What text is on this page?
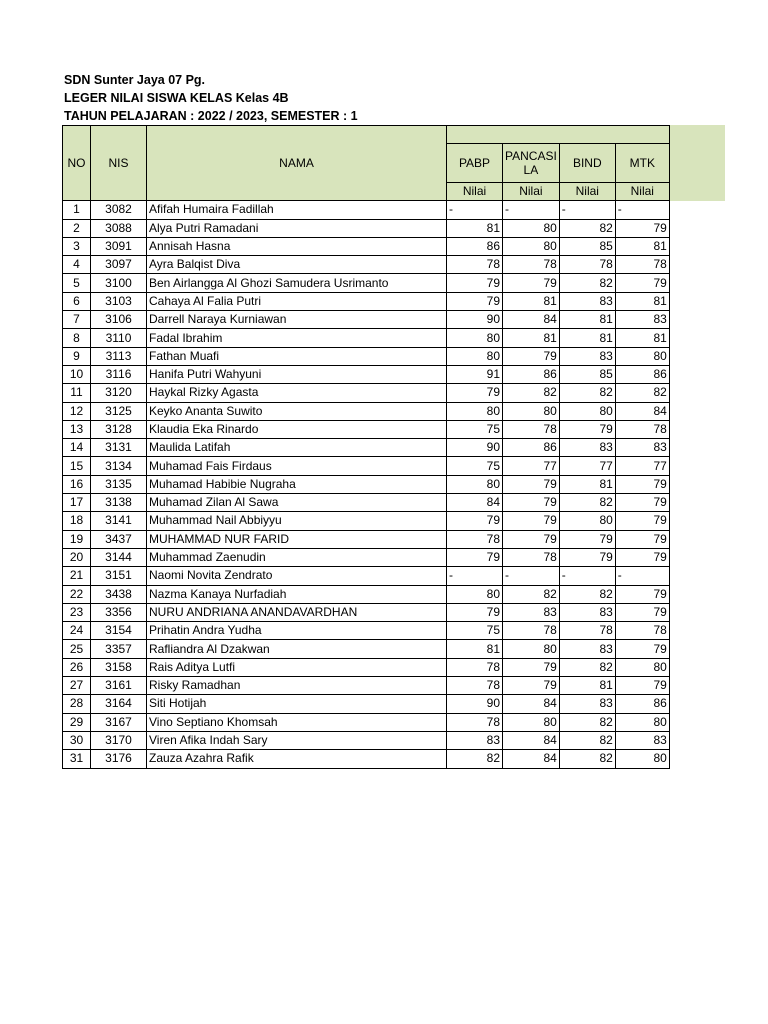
SDN Sunter Jaya 07 Pg.
LEGER NILAI SISWA KELAS Kelas 4B
TAHUN PELAJARAN : 2022 / 2023, SEMESTER : 1
NO	NIS	NAMA				
			PABP	PANCASI LA	BIND	MTK
			Nilai	Nilai	Nilai	Nilai
1	3082	Afifah Humaira Fadillah	-	-	-	-
2	3088	Alya Putri Ramadani	81	80	82	79
3	3091	Annisah Hasna	86	80	85	81
4	3097	Ayra Balqist Diva	78	78	78	78
5	3100	Ben Airlangga Al Ghozi Samudera Usrimanto	79	79	82	79
6	3103	Cahaya Al Falia Putri	79	81	83	81
7	3106	Darrell Naraya Kurniawan	90	84	81	83
8	3110	Fadal Ibrahim	80	81	81	81
9	3113	Fathan Muafi	80	79	83	80
10	3116	Hanifa Putri Wahyuni	91	86	85	86
11	3120	Haykal Rizky Agasta	79	82	82	82
12	3125	Keyko Ananta Suwito	80	80	80	84
13	3128	Klaudia Eka Rinardo	75	78	79	78
14	3131	Maulida Latifah	90	86	83	83
15	3134	Muhamad Fais Firdaus	75	77	77	77
16	3135	Muhamad Habibie Nugraha	80	79	81	79
17	3138	Muhamad Zilan Al Sawa	84	79	82	79
18	3141	Muhammad Nail Abbiyyu	79	79	80	79
19	3437	MUHAMMAD NUR FARID	78	79	79	79
20	3144	Muhammad Zaenudin	79	78	79	79
21	3151	Naomi Novita Zendrato	-	-	-	-
22	3438	Nazma Kanaya Nurfadiah	80	82	82	79
23	3356	NURU ANDRIANA ANANDAVARDHAN	79	83	83	79
24	3154	Prihatin Andra Yudha	75	78	78	78
25	3357	Rafliandra Al Dzakwan	81	80	83	79
26	3158	Rais Aditya Lutfi	78	79	82	80
27	3161	Risky Ramadhan	78	79	81	79
28	3164	Siti Hotijah	90	84	83	86
29	3167	Vino Septiano Khomsah	78	80	82	80
30	3170	Viren Afika Indah Sary	83	84	82	83
31	3176	Zauza Azahra Rafik	82	84	82	80
